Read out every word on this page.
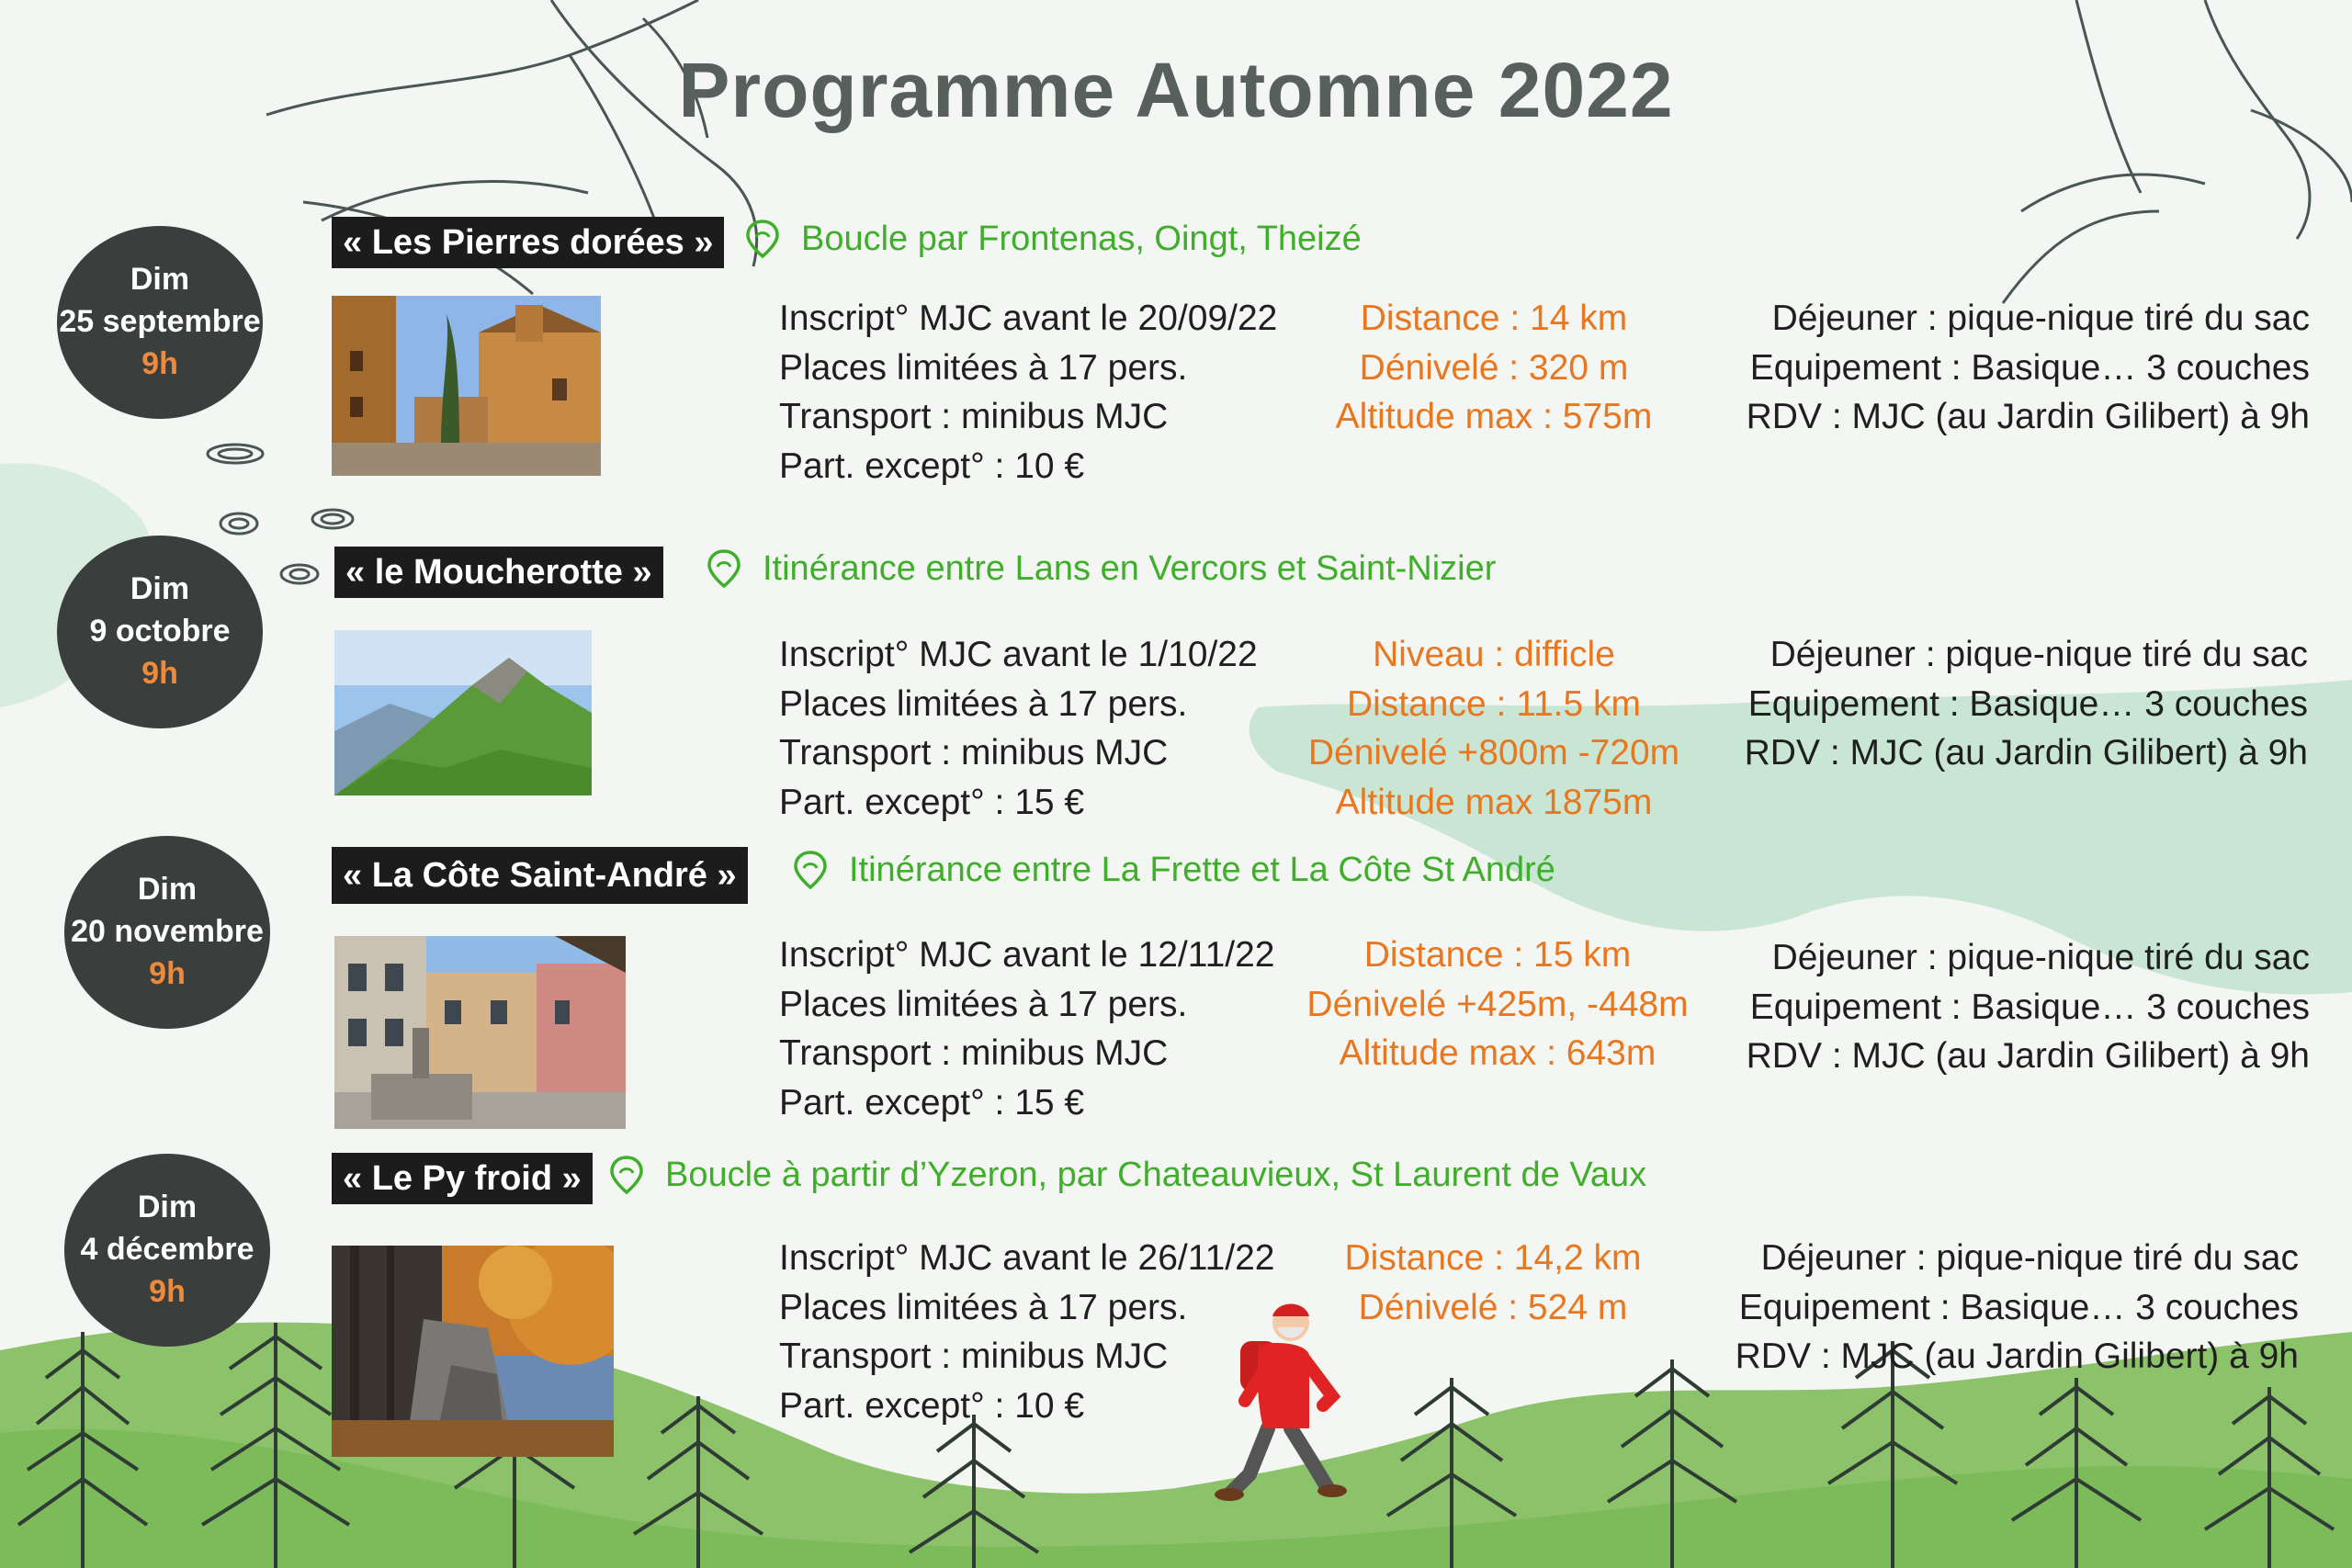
Programme Automne 2022
Dim
25 septembre
9h
« Les Pierres dorées »	Boucle par Frontenas, Oingt, Theizé
Inscript° MJC avant le 20/09/22
Places limitées à 17 pers.
Transport : minibus MJC
Part. except° : 10 €
Distance : 14 km
Dénivelé : 320 m
Altitude max : 575m
Déjeuner : pique-nique tiré du sac
Equipement : Basique… 3 couches
RDV : MJC (au Jardin Gilibert) à 9h
Dim
9 octobre
9h
« le Moucherotte »	Itinérance entre Lans en Vercors et Saint-Nizier
Inscript° MJC avant le 1/10/22
Places limitées à 17 pers.
Transport : minibus MJC
Part. except° : 15 €
Niveau : difficle
Distance : 11.5 km
Dénivelé +800m -720m
Altitude max 1875m
Déjeuner : pique-nique tiré du sac
Equipement : Basique… 3 couches
RDV : MJC (au Jardin Gilibert) à 9h
Dim
20 novembre
9h
« La Côte Saint-André »	Itinérance entre La Frette et La Côte St André
Inscript° MJC avant le 12/11/22
Places limitées à 17 pers.
Transport : minibus MJC
Part. except° : 15 €
Distance : 15 km
Dénivelé +425m, -448m
Altitude max : 643m
Déjeuner : pique-nique tiré du sac
Equipement : Basique… 3 couches
RDV : MJC (au Jardin Gilibert) à 9h
Dim
4 décembre
9h
« Le Py froid »	Boucle à partir d’Yzeron, par Chateauvieux, St Laurent de Vaux
Inscript° MJC avant le 26/11/22
Places limitées à 17 pers.
Transport : minibus MJC
Part. except° : 10 €
Distance : 14,2 km
Dénivelé : 524 m
Déjeuner : pique-nique tiré du sac
Equipement : Basique… 3 couches
RDV : MJC (au Jardin Gilibert) à 9h
